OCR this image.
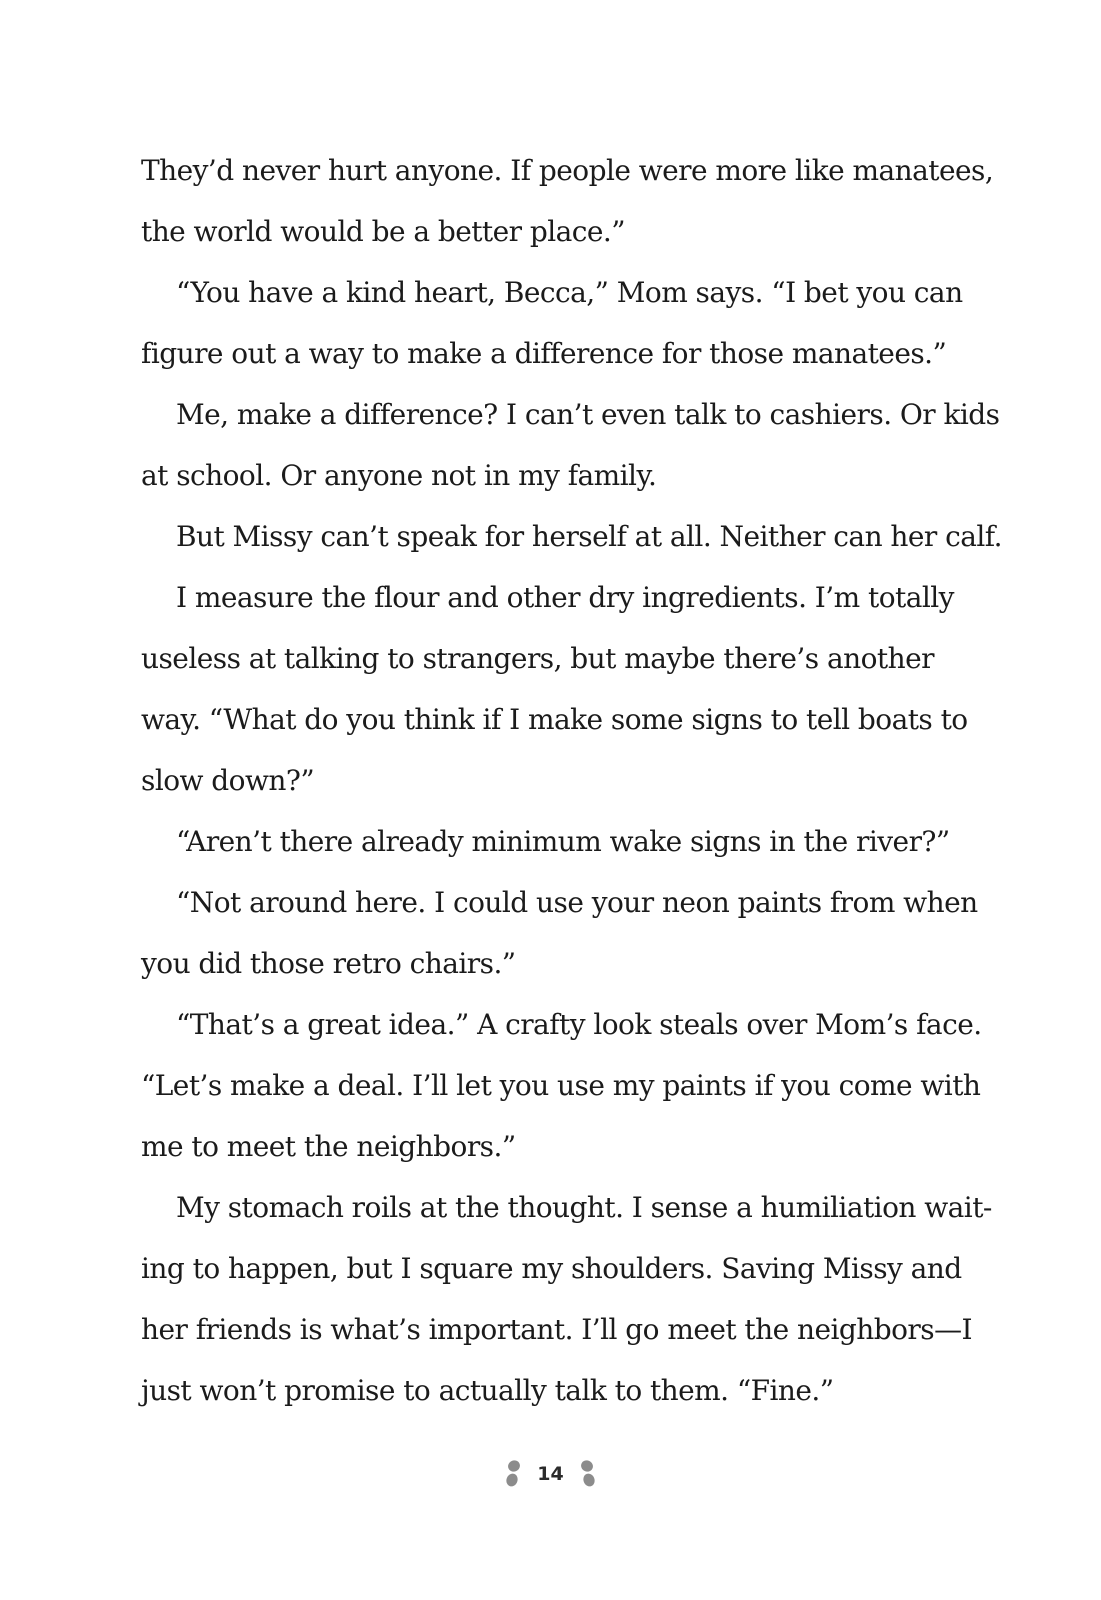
They’d never hurt anyone. If people were more like manatees,
the world would be a better place.”
“You have a kind heart, Becca,” Mom says. “I bet you can
figure out a way to make a difference for those manatees.”
Me, make a difference? I can’t even talk to cashiers. Or kids
at school. Or anyone not in my family.
But Missy can’t speak for herself at all. Neither can her calf.
I measure the flour and other dry ingredients. I’m totally
useless at talking to strangers, but maybe there’s another
way. “What do you think if I make some signs to tell boats to
slow down?”
“Aren’t there already minimum wake signs in the river?”
“Not around here. I could use your neon paints from when
you did those retro chairs.”
“That’s a great idea.” A crafty look steals over Mom’s face.
“Let’s make a deal. I’ll let you use my paints if you come with
me to meet the neighbors.”
My stomach roils at the thought. I sense a humiliation wait-
ing to happen, but I square my shoulders. Saving Missy and
her friends is what’s important. I’ll go meet the neighbors—I
just won’t promise to actually talk to them. “Fine.”
14
